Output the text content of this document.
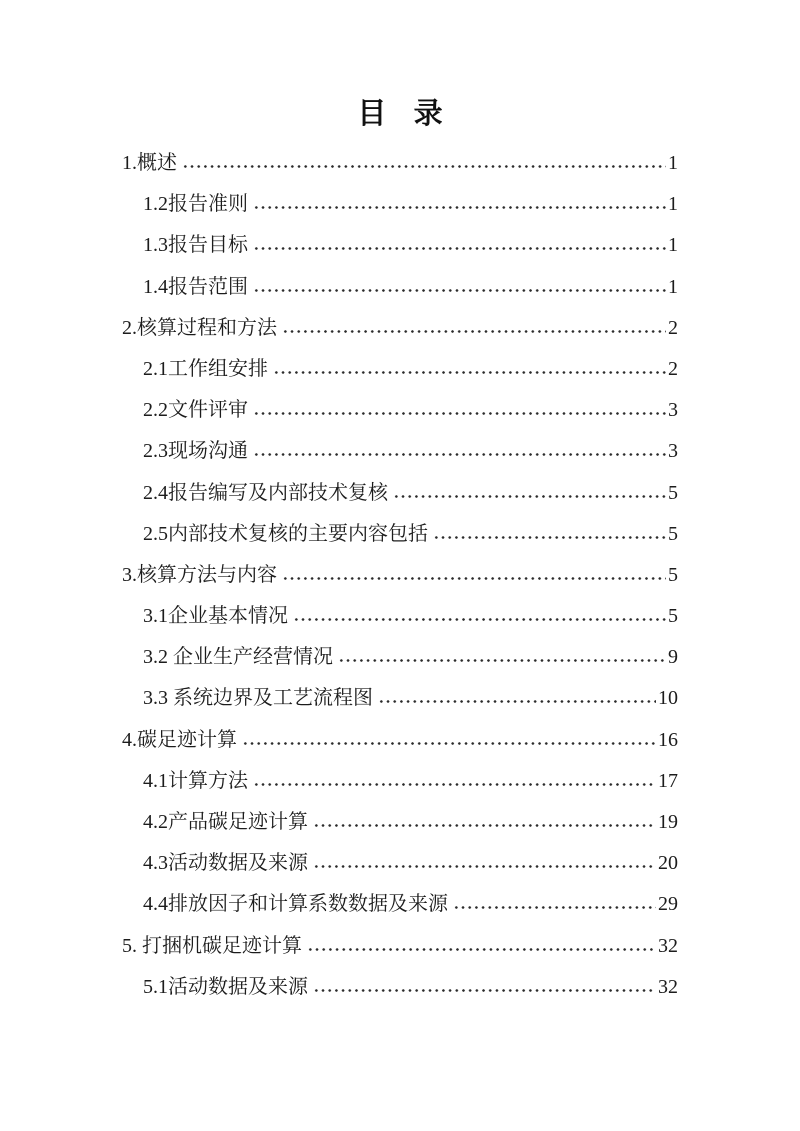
目 录
1.概述	1
1.2报告准则	1
1.3报告目标	1
1.4报告范围	1
2.核算过程和方法	2
2.1工作组安排	2
2.2文件评审	3
2.3现场沟通	3
2.4报告编写及内部技术复核	5
2.5内部技术复核的主要内容包括	5
3.核算方法与内容	5
3.1企业基本情况	5
3.2 企业生产经营情况	9
3.3 系统边界及工艺流程图	10
4.碳足迹计算	16
4.1计算方法	17
4.2产品碳足迹计算	19
4.3活动数据及来源	20
4.4排放因子和计算系数数据及来源	29
5. 打捆机碳足迹计算	32
5.1活动数据及来源	32
